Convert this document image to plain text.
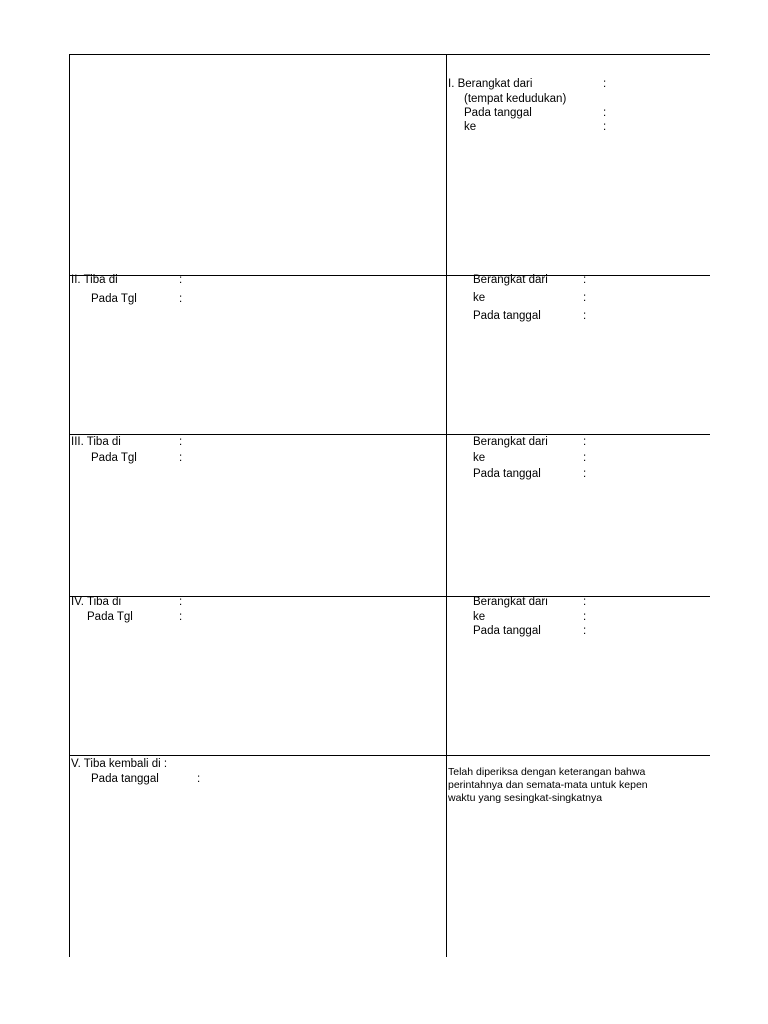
I. Berangkat dari	:
(tempat kedudukan)
Pada tanggal	:
ke	:
II. Tiba di	:
Pada Tgl	:
Berangkat dari	:
ke	:
Pada tanggal	:
III. Tiba di	:
Pada Tgl	:
Berangkat dari	:
ke	:
Pada tanggal	:
IV. Tiba di	:
Pada Tgl	:
Berangkat dari	:
ke	:
Pada tanggal	:
V. Tiba kembali di :
Pada tanggal	:
Telah diperiksa dengan keterangan bahwa
perintahnya dan semata-mata untuk kepen
waktu yang sesingkat-singkatnya
